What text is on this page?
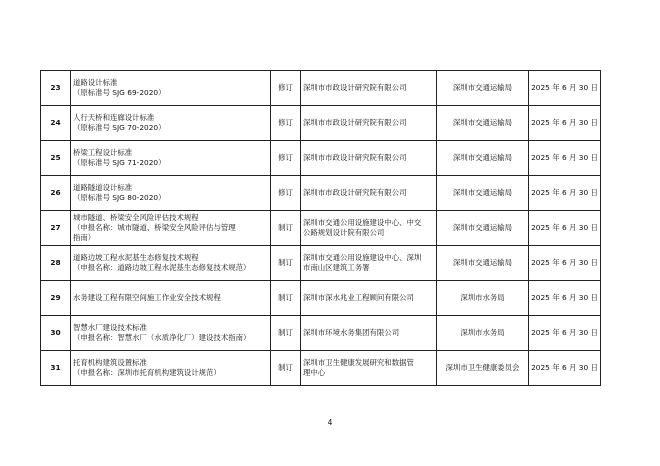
23	道路设计标准
（原标准号 SJG 69-2020）	修订	深圳市市政设计研究院有限公司	深圳市交通运输局	2025 年 6 月 30 日
24	人行天桥和连廊设计标准
（原标准号 SJG 70-2020）	修订	深圳市市政设计研究院有限公司	深圳市交通运输局	2025 年 6 月 30 日
25	桥梁工程设计标准
（原标准号 SJG 71-2020）	修订	深圳市市政设计研究院有限公司	深圳市交通运输局	2025 年 6 月 30 日
26	道路隧道设计标准
（原标准号 SJG 80-2020）	修订	深圳市市政设计研究院有限公司	深圳市交通运输局	2025 年 6 月 30 日
27	城市隧道、桥梁安全风险评估技术规程
（申报名称：城市隧道、桥梁安全风险评估与管理
指南）	制订	深圳市交通公用设施建设中心、中交
公路规划设计院有限公司	深圳市交通运输局	2025 年 6 月 30 日
28	道路边坡工程水泥基生态修复技术规程
（申报名称：道路边坡工程水泥基生态修复技术规范）	制订	深圳市交通公用设施建设中心、深圳
市南山区建筑工务署	深圳市交通运输局	2025 年 6 月 30 日
29	水务建设工程有限空间施工作业安全技术规程	制订	深圳市深水兆业工程顾问有限公司	深圳市水务局	2025 年 6 月 30 日
30	智慧水厂建设技术标准
（申报名称：智慧水厂（水质净化厂）建设技术指南）	制订	深圳市环境水务集团有限公司	深圳市水务局	2025 年 6 月 30 日
31	托育机构建筑设置标准
（申报名称：深圳市托育机构建筑设计规范）	制订	深圳市卫生健康发展研究和数据管
理中心	深圳市卫生健康委员会	2025 年 6 月 30 日
4
